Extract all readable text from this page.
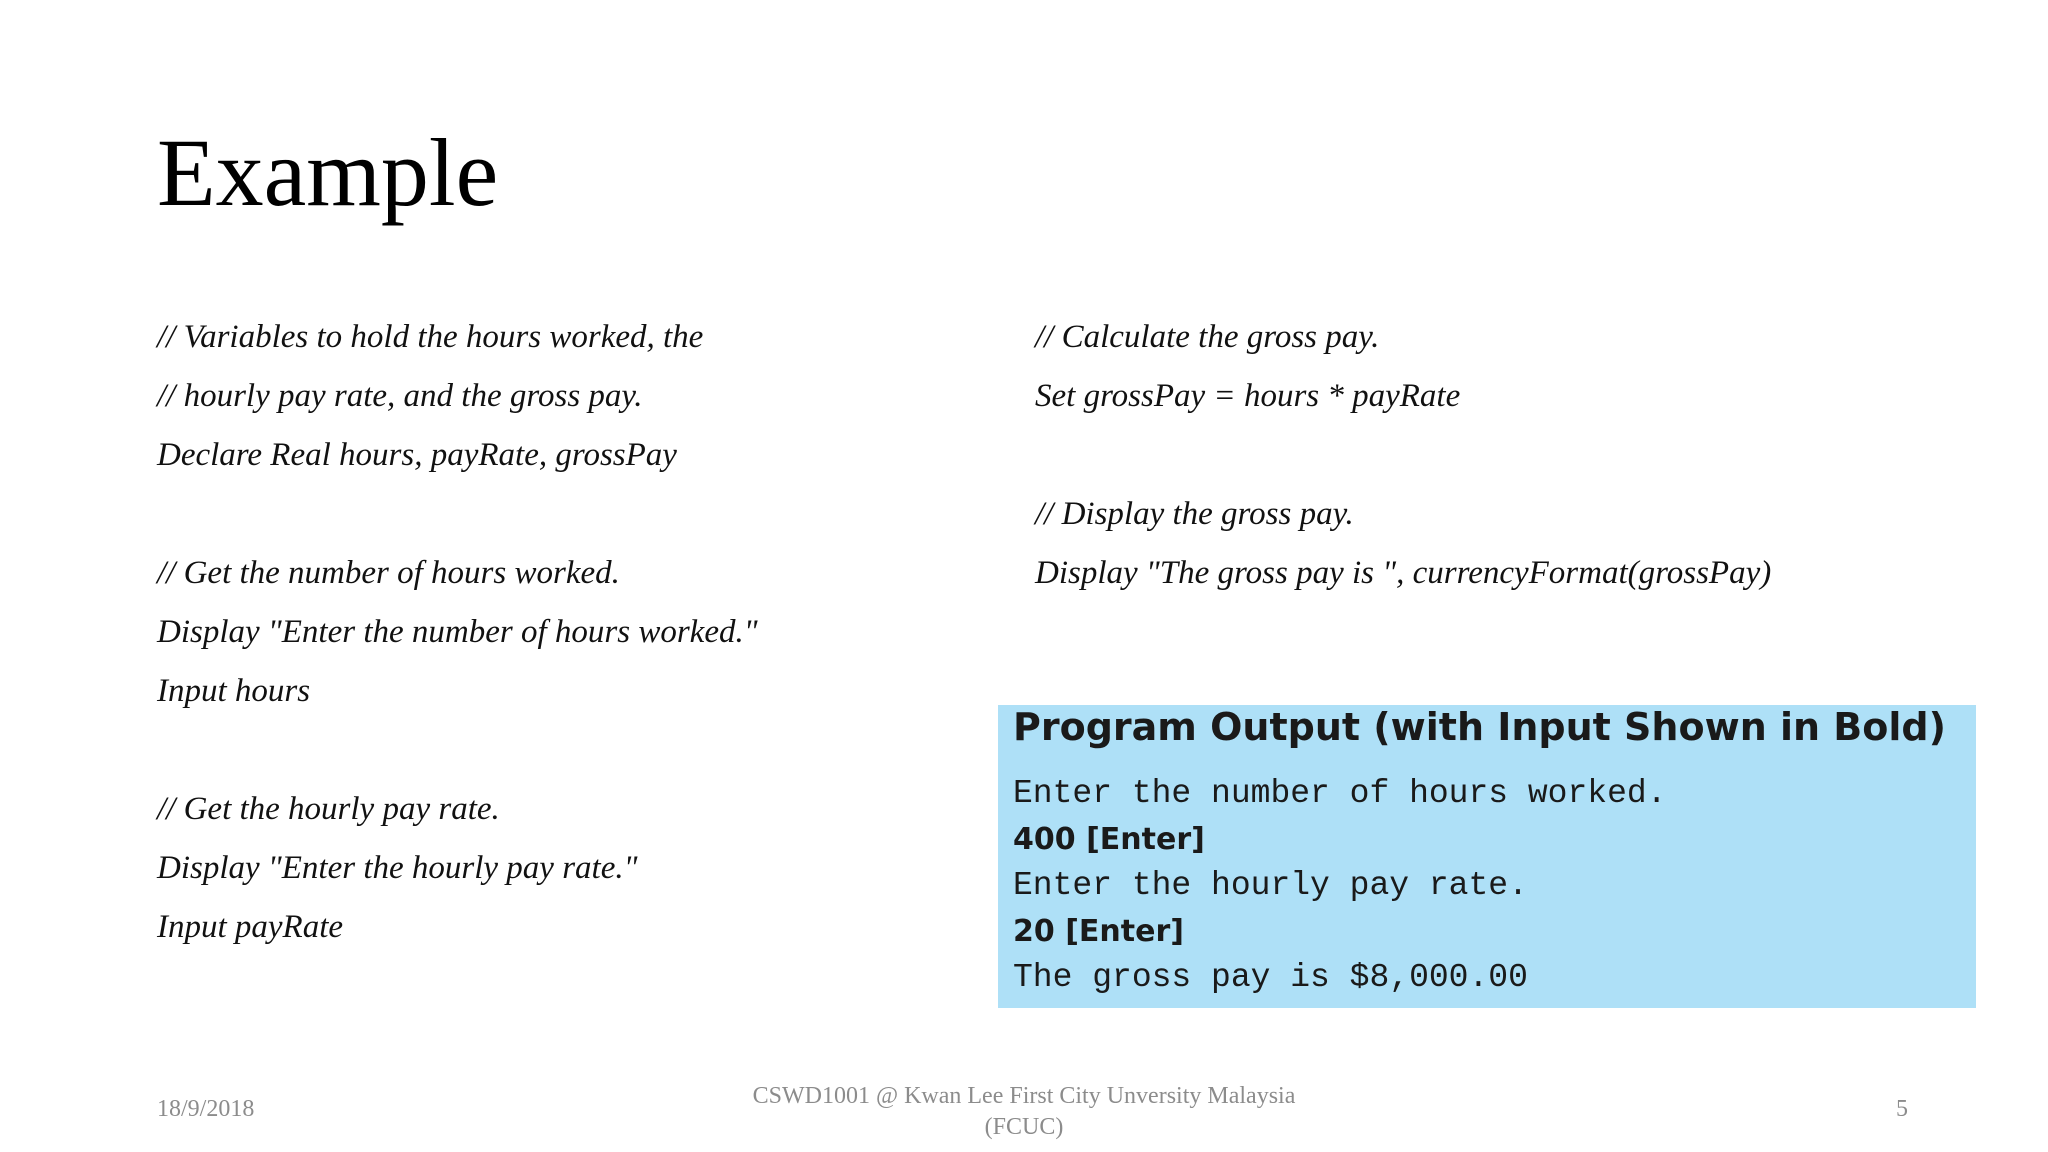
Example
// Variables to hold the hours worked, the
// hourly pay rate, and the gross pay.
Declare Real hours, payRate, grossPay
// Get the number of hours worked.
Display "Enter the number of hours worked."
Input hours
// Get the hourly pay rate.
Display "Enter the hourly pay rate."
Input payRate
// Calculate the gross pay.
Set grossPay = hours * payRate
// Display the gross pay.
Display "The gross pay is ", currencyFormat(grossPay)
Program Output (with Input Shown in Bold)
Enter the number of hours worked.
400 [Enter]
Enter the hourly pay rate.
20 [Enter]
The gross pay is $8,000.00
18/9/2018	CSWD1001 @ Kwan Lee First City Unversity Malaysia
(FCUC)
5
